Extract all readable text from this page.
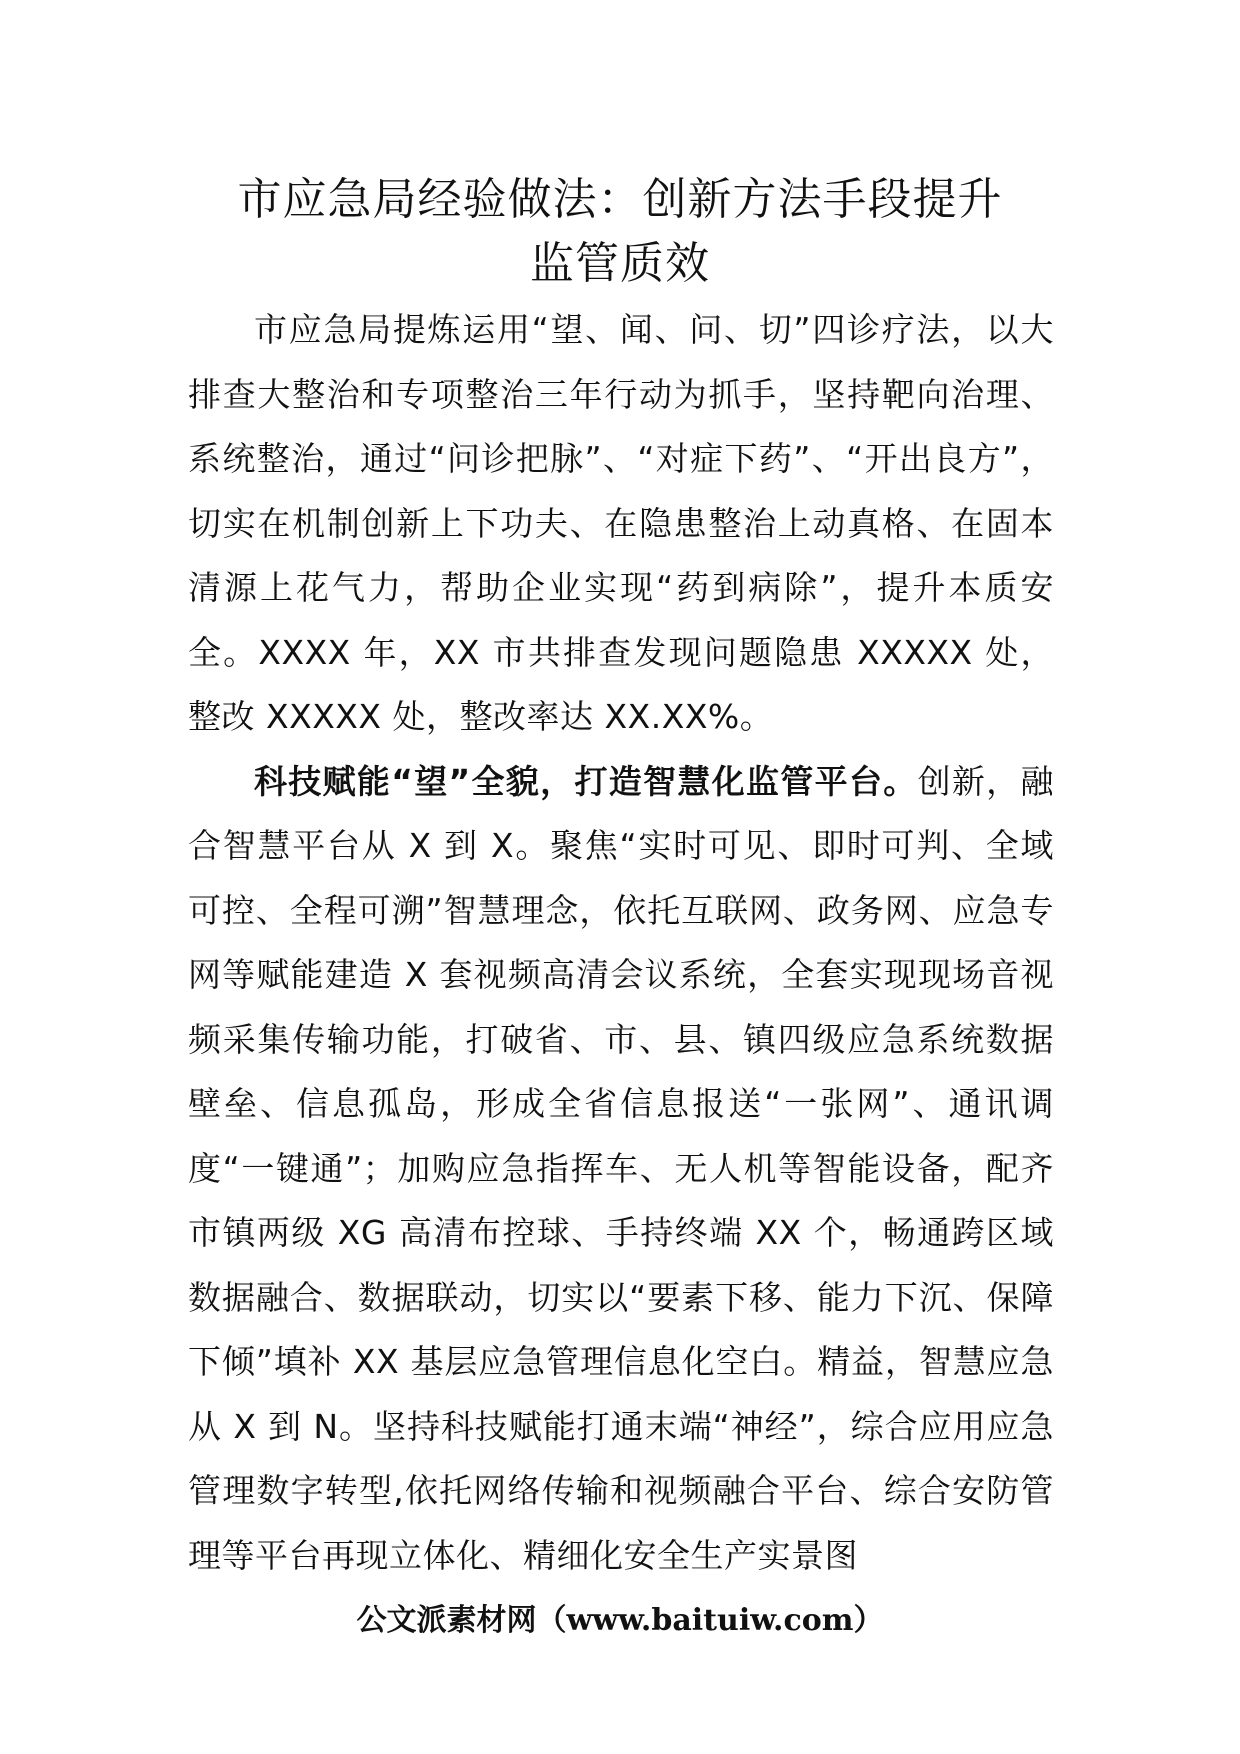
市应急局经验做法：创新方法手段提升
监管质效

市应急局提炼运用“望、闻、问、切”四诊疗法，以大排查大整治和专项整治三年行动为抓手，坚持靶向治理、系统整治，通过“问诊把脉”、“对症下药”、“开出良方”，切实在机制创新上下功夫、在隐患整治上动真格、在固本清源上花气力，帮助企业实现“药到病除”，提升本质安全。XXXX 年，XX 市共排查发现问题隐患 XXXXX 处，整改 XXXXX 处，整改率达 XX.XX%。

科技赋能“望”全貌，打造智慧化监管平台。创新，融合智慧平台从 X 到 X。聚焦“实时可见、即时可判、全域可控、全程可溯”智慧理念，依托互联网、政务网、应急专网等赋能建造 X 套视频高清会议系统，全套实现现场音视频采集传输功能，打破省、市、县、镇四级应急系统数据壁垒、信息孤岛，形成全省信息报送“一张网”、通讯调度“一键通”；加购应急指挥车、无人机等智能设备，配齐市镇两级 XG 高清布控球、手持终端 XX 个，畅通跨区域数据融合、数据联动，切实以“要素下移、能力下沉、保障下倾”填补 XX 基层应急管理信息化空白。精益，智慧应急从 X 到 N。坚持科技赋能打通末端“神经”，综合应用应急管理数字转型,依托网络传输和视频融合平台、综合安防管理等平台再现立体化、精细化安全生产实景图

公文派素材网（www.baituiw.com）
